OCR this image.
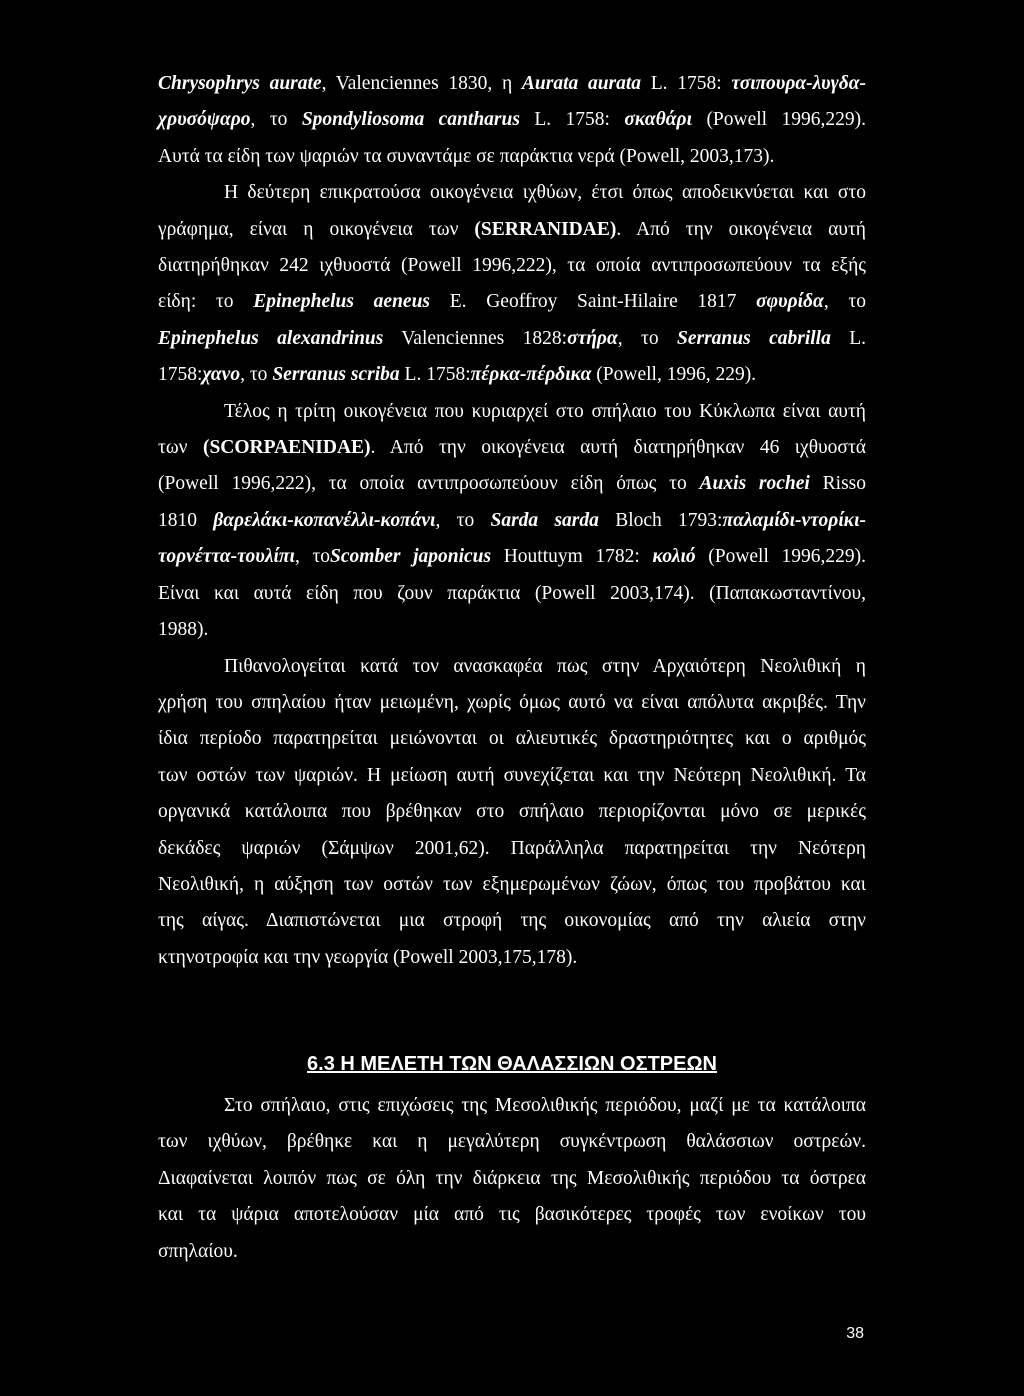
Chrysophrys aurate, Valenciennes 1830, η Aurata aurata L. 1758: τσιπουρα-λυγδα-
χρυσόψαρο, το Spondyliosoma cantharus L. 1758: σκαθάρι (Powell 1996,229).
Αυτά τα είδη των ψαριών τα συναντάμε σε παράκτια νερά (Powell, 2003,173).

Η δεύτερη επικρατούσα οικογένεια ιχθύων, έτσι όπως αποδεικνύεται και στο
γράφημα, είναι η οικογένεια των (SERRANIDAE). Από την οικογένεια αυτή
διατηρήθηκαν 242 ιχθυοστά (Powell 1996,222), τα οποία αντιπροσωπεύουν τα εξής
είδη: το Epinephelus aeneus E. Geoffroy Saint-Hilaire 1817 σφυρίδα, το
Epinephelus alexandrinus Valenciennes 1828:στήρα, το Serranus cabrilla L.
1758:χανο, το Serranus scriba L. 1758:πέρκα-πέρδικα (Powell, 1996, 229).

Τέλος η τρίτη οικογένεια που κυριαρχεί στο σπήλαιο του Κύκλωπα είναι αυτή
των (SCORPAENIDAE). Από την οικογένεια αυτή διατηρήθηκαν 46 ιχθυοστά
(Powell 1996,222), τα οποία αντιπροσωπεύουν είδη όπως το Auxis rochei Risso
1810 βαρελάκι-κοπανέλλι-κοπάνι, το Sarda sarda Bloch 1793:παλαμίδι-ντορίκι-
τορνέττα-τουλίπι, τοScomber japonicus Houttuym 1782: κολιό (Powell 1996,229).
Είναι και αυτά είδη που ζουν παράκτια (Powell 2003,174). (Παπακωσταντίνου,
1988).

Πιθανολογείται κατά τον ανασκαφέα πως στην Αρχαιότερη Νεολιθική η
χρήση του σπηλαίου ήταν μειωμένη, χωρίς όμως αυτό να είναι απόλυτα ακριβές. Την
ίδια περίοδο παρατηρείται μειώνονται οι αλιευτικές δραστηριότητες και ο αριθμός
των οστών των ψαριών. Η μείωση αυτή συνεχίζεται και την Νεότερη Νεολιθική. Τα
οργανικά κατάλοιπα που βρέθηκαν στο σπήλαιο περιορίζονται μόνο σε μερικές
δεκάδες ψαριών (Σάμψων 2001,62). Παράλληλα παρατηρείται την Νεότερη
Νεολιθική, η αύξηση των οστών των εξημερωμένων ζώων, όπως του προβάτου και
της αίγας. Διαπιστώνεται μια στροφή της οικονομίας από την αλιεία στην
κτηνοτροφία και την γεωργία (Powell 2003,175,178).

6.3 Η ΜΕΛΕΤΗ ΤΩΝ ΘΑΛΑΣΣΙΩΝ ΟΣΤΡΕΩΝ

Στο σπήλαιο, στις επιχώσεις της Μεσολιθικής περιόδου, μαζί με τα κατάλοιπα
των ιχθύων, βρέθηκε και η μεγαλύτερη συγκέντρωση θαλάσσιων οστρεών.
Διαφαίνεται λοιπόν πως σε όλη την διάρκεια της Μεσολιθικής περιόδου τα όστρεα
και τα ψάρια αποτελούσαν μία από τις βασικότερες τροφές των ενοίκων του
σπηλαίου.

38
